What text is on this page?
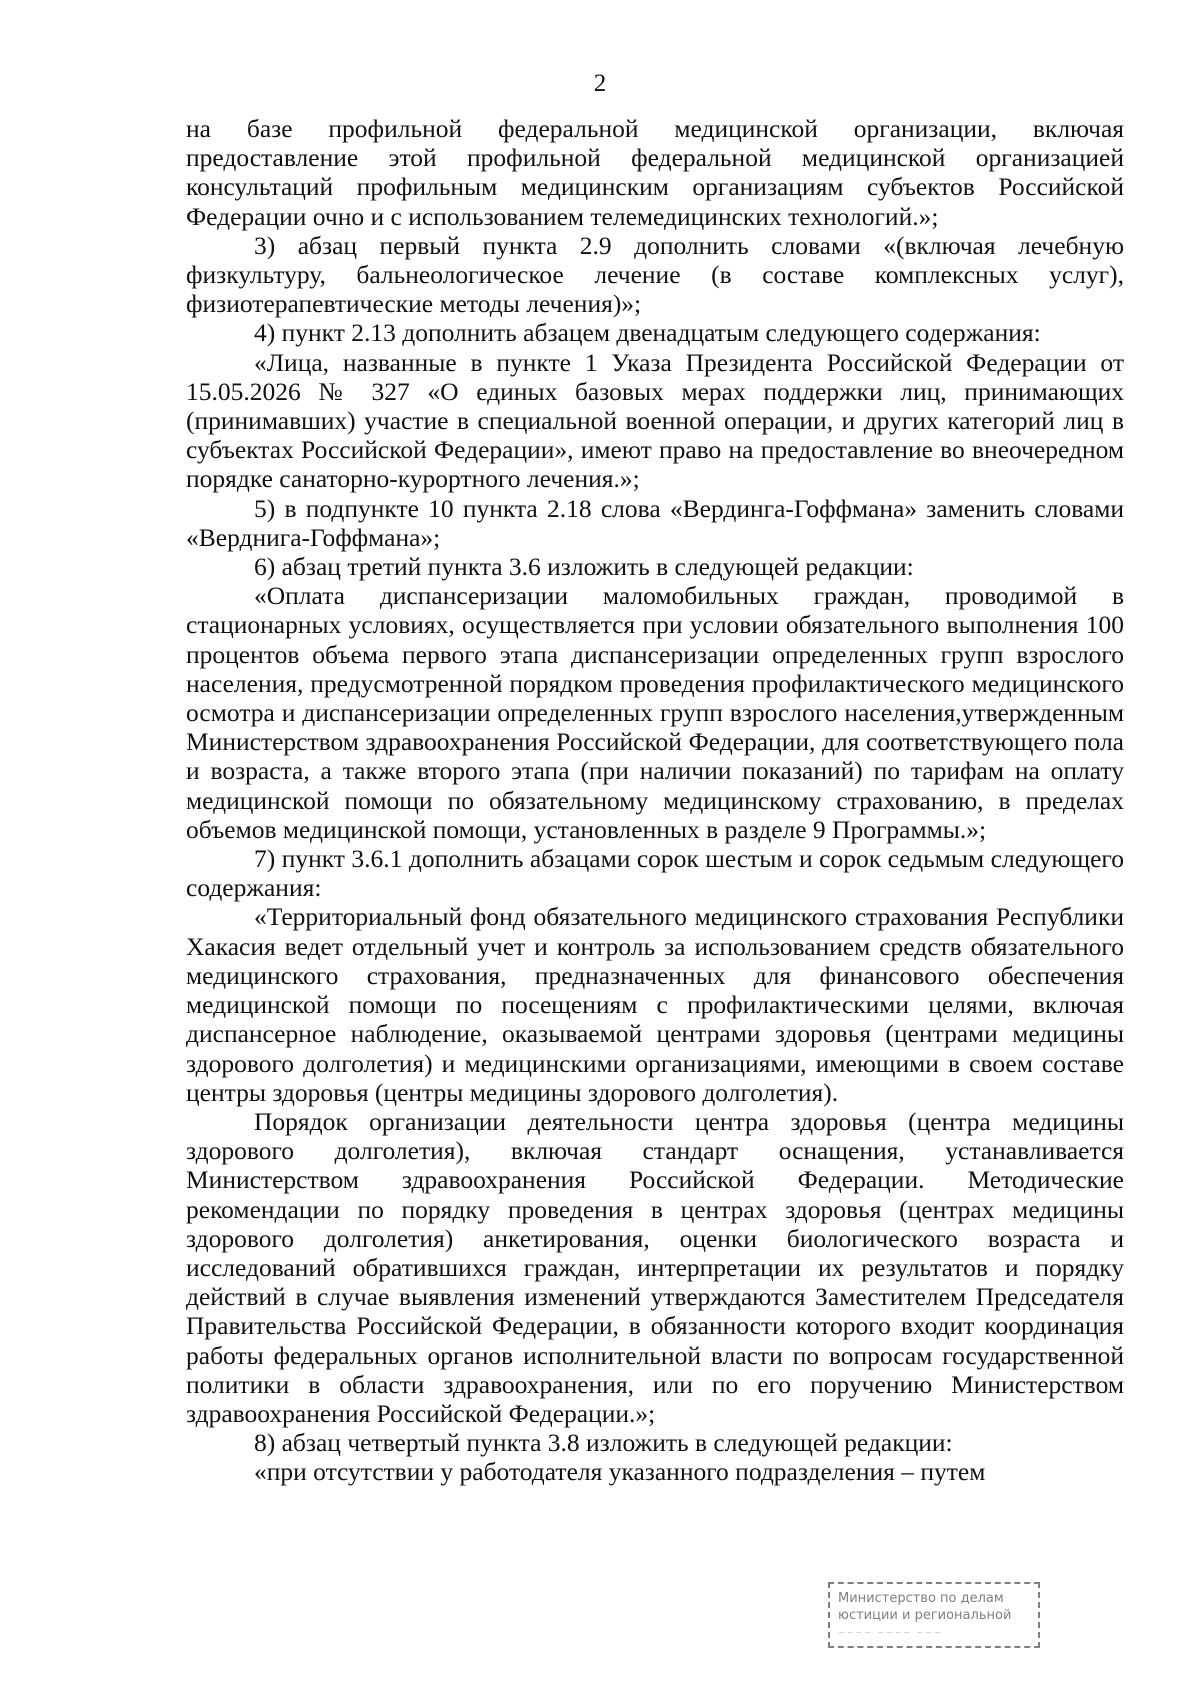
2

на базе профильной федеральной медицинской организации, включая предоставление этой профильной федеральной медицинской организацией консультаций профильным медицинским организациям субъектов Российской Федерации очно и с использованием телемедицинских технологий.»;

3) абзац первый пункта 2.9 дополнить словами «(включая лечебную физкультуру, бальнеологическое лечение (в составе комплексных услуг), физиотерапевтические методы лечения)»;

4) пункт 2.13 дополнить абзацем двенадцатым следующего содержания:

«Лица, названные в пункте 1 Указа Президента Российской Федерации от 15.05.2026 № 327 «О единых базовых мерах поддержки лиц, принимающих (принимавших) участие в специальной военной операции, и других категорий лиц в субъектах Российской Федерации», имеют право на предоставление во внеочередном порядке санаторно-курортного лечения.»;

5) в подпункте 10 пункта 2.18 слова «Вердинга-Гоффмана» заменить словами «Верднига-Гоффмана»;

6) абзац третий пункта 3.6 изложить в следующей редакции:

«Оплата диспансеризации маломобильных граждан, проводимой в стационарных условиях, осуществляется при условии обязательного выполнения 100 процентов объема первого этапа диспансеризации определенных групп взрослого населения, предусмотренной порядком проведения профилактического медицинского осмотра и диспансеризации определенных групп взрослого населения,утвержденным Министерством здравоохранения Российской Федерации, для соответствующего пола и возраста, а также второго этапа (при наличии показаний) по тарифам на оплату медицинской помощи по обязательному медицинскому страхованию, в пределах объемов медицинской помощи, установленных в разделе 9 Программы.»;

7) пункт 3.6.1 дополнить абзацами сорок шестым и сорок седьмым следующего содержания:

«Территориальный фонд обязательного медицинского страхования Республики Хакасия ведет отдельный учет и контроль за использованием средств обязательного медицинского страхования, предназначенных для финансового обеспечения медицинской помощи по посещениям с профилактическими целями, включая диспансерное наблюдение, оказываемой центрами здоровья (центрами медицины здорового долголетия) и медицинскими организациями, имеющими в своем составе центры здоровья (центры медицины здорового долголетия).

Порядок организации деятельности центра здоровья (центра медицины здорового долголетия), включая стандарт оснащения, устанавливается Министерством здравоохранения Российской Федерации. Методические рекомендации по порядку проведения в центрах здоровья (центрах медицины здорового долголетия) анкетирования, оценки биологического возраста и исследований обратившихся граждан, интерпретации их результатов и порядку действий в случае выявления изменений утверждаются Заместителем Председателя Правительства Российской Федерации, в обязанности которого входит координация работы федеральных органов исполнительной власти по вопросам государственной политики в области здравоохранения, или по его поручению Министерством здравоохранения Российской Федерации.»;

8) абзац четвертый пункта 3.8 изложить в следующей редакции:

«при отсутствии у работодателя указанного подразделения – путем

Министерство по делам
юстиции и региональной
~~~~ ~~~~ ~~~
